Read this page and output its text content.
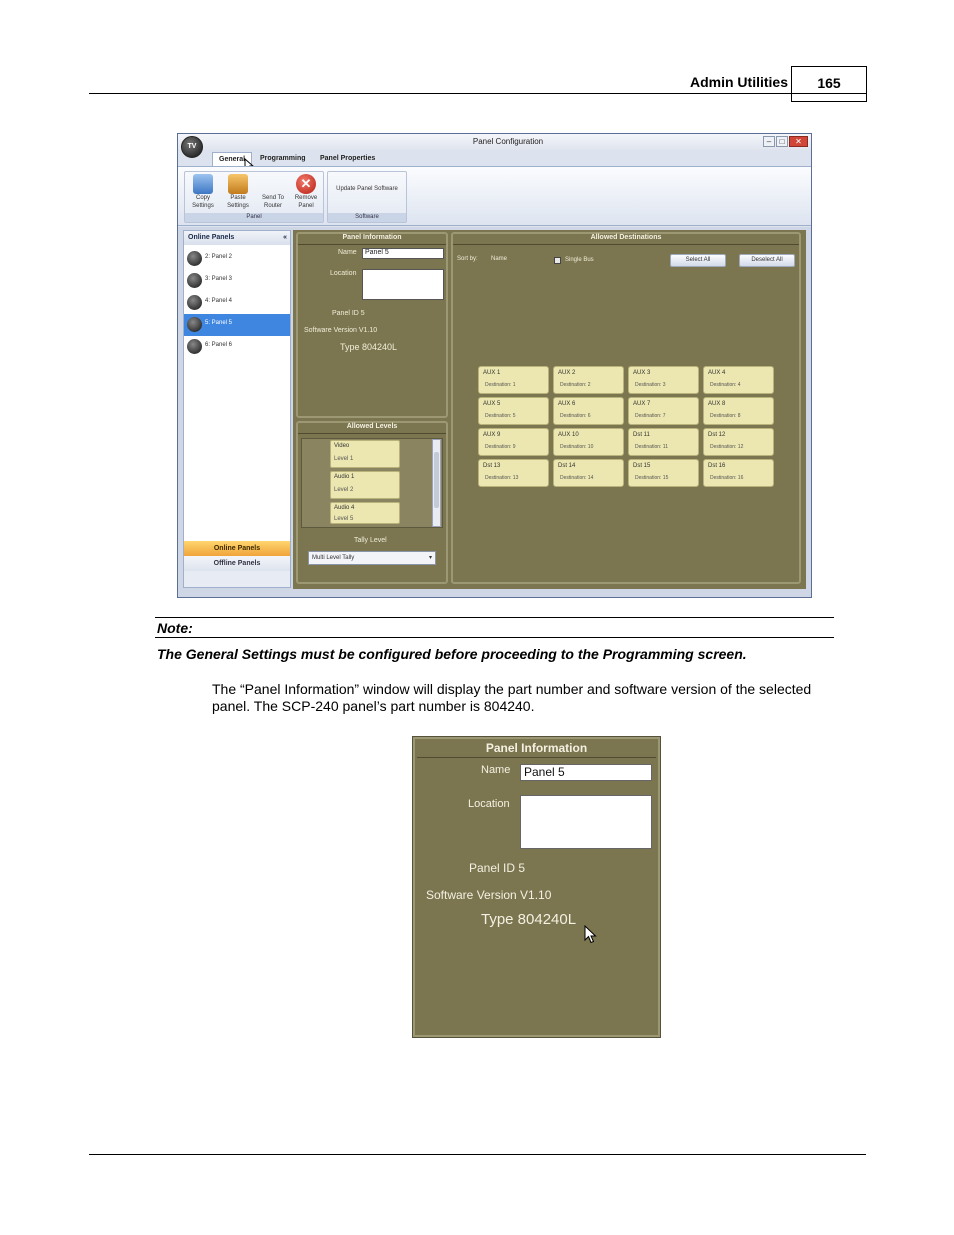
Admin Utilities	165
Panel Configuration	–	□	✕
TV
General	Programming	Panel Properties
Copy
Settings
Paste
Settings
Send To
Router
✕
Remove
Panel
Panel
Update Panel Software
Software
Online Panels	«
2: Panel 2
3: Panel 3
4: Panel 4
5: Panel 5
6: Panel 6
Online Panels
Offline Panels
Panel Information
Name	Panel 5
Location
Panel ID 5
Software Version V1.10
Type 804240L
Allowed Levels
Video
Level 1
Audio 1
Level 2
Audio 4
Level 5
Tally Level
Multi Level Tally	▾
Allowed Destinations
Sort by: Name	Single Bus	Select All	Deselect All
AUX 1
Destination: 1
AUX 2
Destination: 2
AUX 3
Destination: 3
AUX 4
Destination: 4
AUX 5
Destination: 5
AUX 6
Destination: 6
AUX 7
Destination: 7
AUX 8
Destination: 8
AUX 9
Destination: 9
AUX 10
Destination: 10
Dst 11
Destination: 11
Dst 12
Destination: 12
Dst 13
Destination: 13
Dst 14
Destination: 14
Dst 15
Destination: 15
Dst 16
Destination: 16
Note:
The General Settings must be configured before proceeding to the Programming screen.
The “Panel Information” window will display the part number and software version of the selected panel. The SCP-240 panel’s part number is 804240.
Panel Information
Name	Panel 5
Location
Panel ID 5
Software Version V1.10
Type 804240L
